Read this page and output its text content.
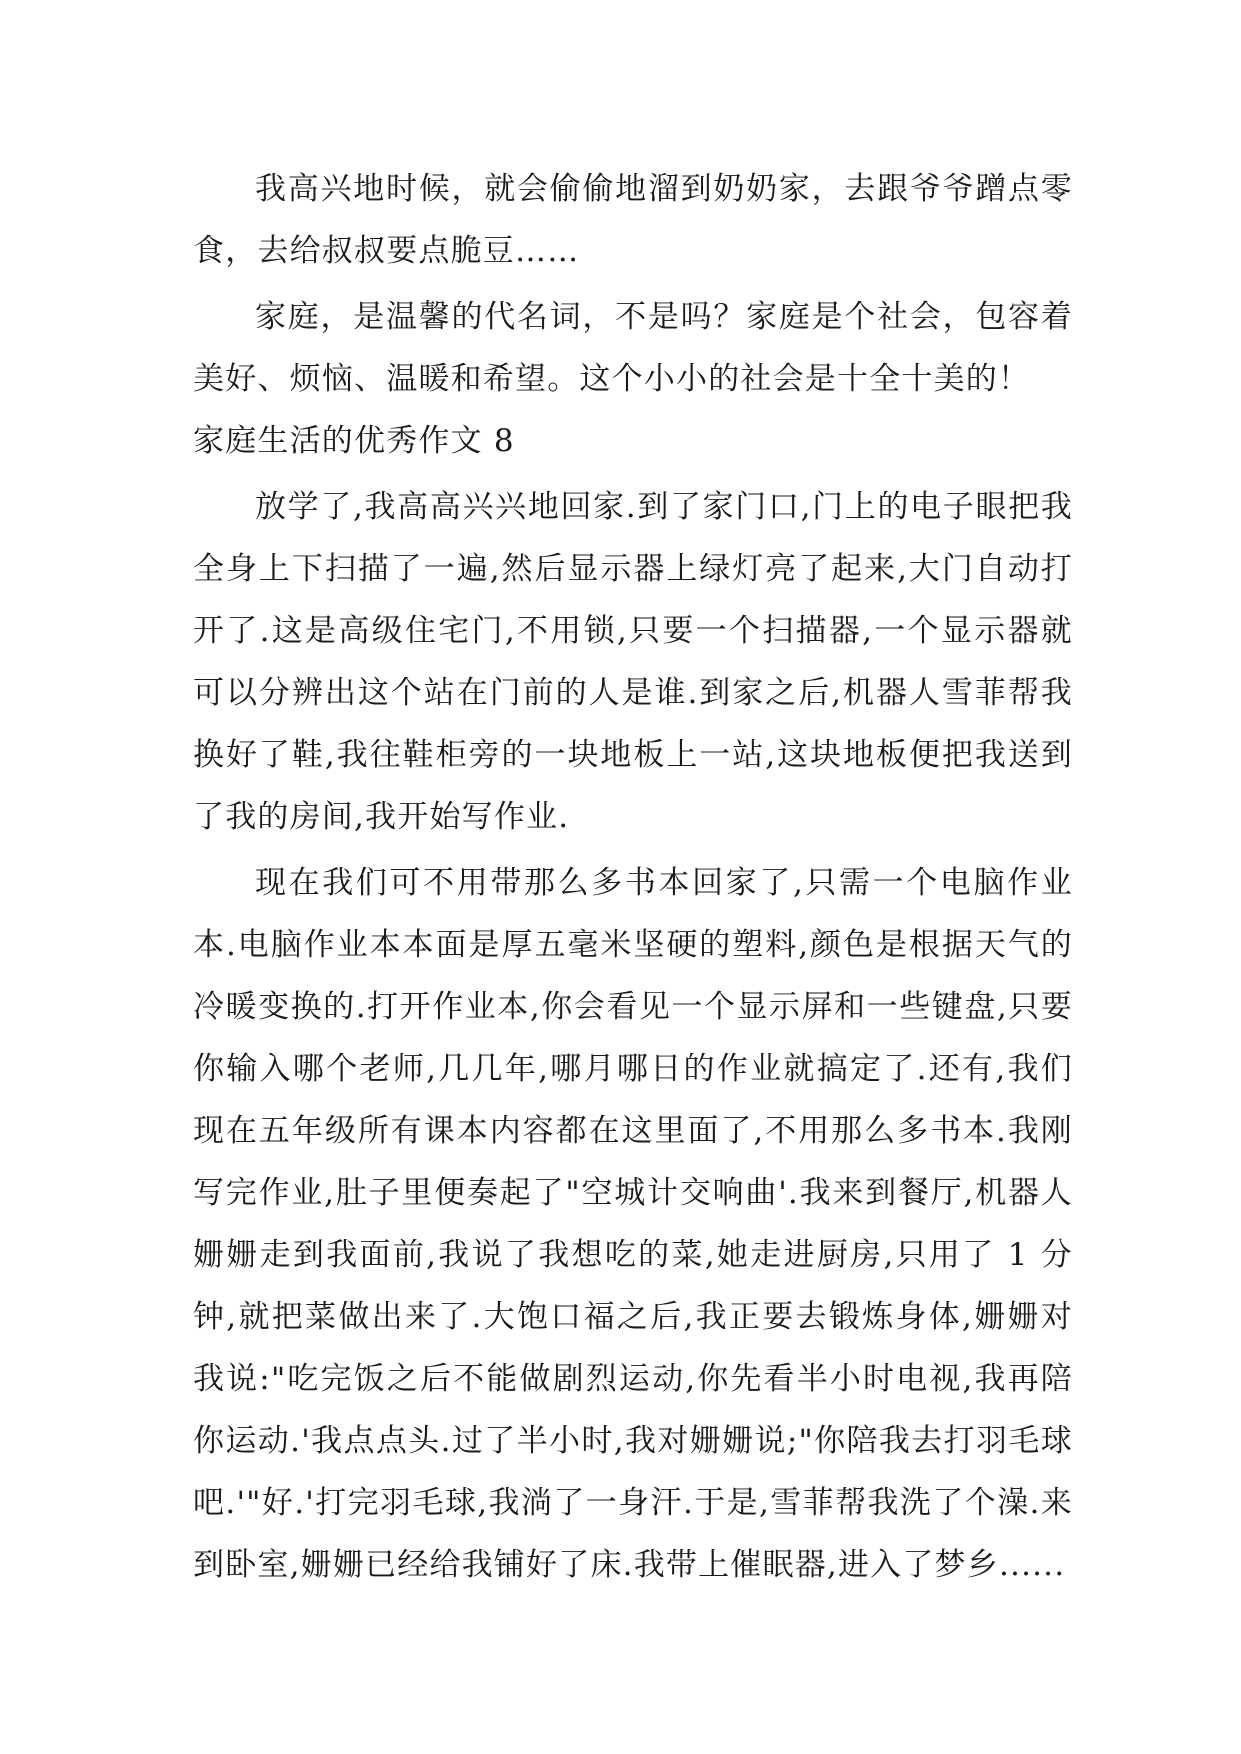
我高兴地时候，就会偷偷地溜到奶奶家，去跟爷爷蹭点零食，去给叔叔要点脆豆……

家庭，是温馨的代名词，不是吗？家庭是个社会，包容着美好、烦恼、温暖和希望。这个小小的社会是十全十美的！

家庭生活的优秀作文 8

放学了,我高高兴兴地回家.到了家门口,门上的电子眼把我全身上下扫描了一遍,然后显示器上绿灯亮了起来,大门自动打开了.这是高级住宅门,不用锁,只要一个扫描器,一个显示器就可以分辨出这个站在门前的人是谁.到家之后,机器人雪菲帮我换好了鞋,我往鞋柜旁的一块地板上一站,这块地板便把我送到了我的房间,我开始写作业.

现在我们可不用带那么多书本回家了,只需一个电脑作业本.电脑作业本本面是厚五毫米坚硬的塑料,颜色是根据天气的冷暖变换的.打开作业本,你会看见一个显示屏和一些键盘,只要你输入哪个老师,几几年,哪月哪日的作业就搞定了.还有,我们现在五年级所有课本内容都在这里面了,不用那么多书本.我刚写完作业,肚子里便奏起了"空城计交响曲'.我来到餐厅,机器人姗姗走到我面前,我说了我想吃的菜,她走进厨房,只用了 1 分钟,就把菜做出来了.大饱口福之后,我正要去锻炼身体,姗姗对我说:"吃完饭之后不能做剧烈运动,你先看半小时电视,我再陪你运动.'我点点头.过了半小时,我对姗姗说;"你陪我去打羽毛球吧.'"好.'打完羽毛球,我淌了一身汗.于是,雪菲帮我洗了个澡.来到卧室,姗姗已经给我铺好了床.我带上催眠器,进入了梦乡......
